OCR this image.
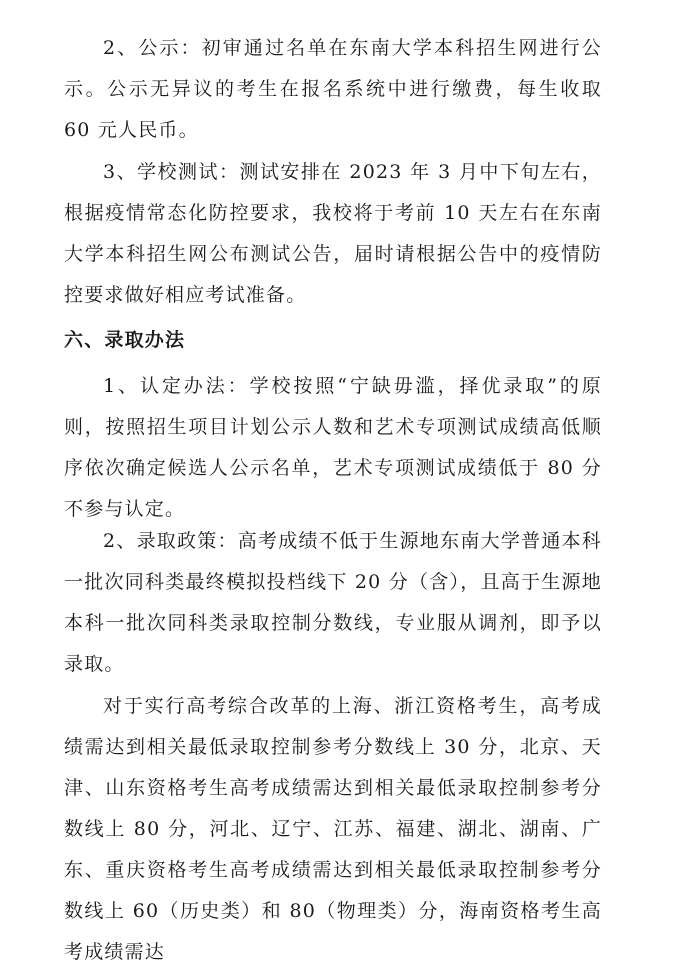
2、公示：初审通过名单在东南大学本科招生网进行公示。公示无异议的考生在报名系统中进行缴费，每生收取 60 元人民币。

3、学校测试：测试安排在 2023 年 3 月中下旬左右，根据疫情常态化防控要求，我校将于考前 10 天左右在东南大学本科招生网公布测试公告，届时请根据公告中的疫情防控要求做好相应考试准备。

六、录取办法

1、认定办法：学校按照“宁缺毋滥，择优录取”的原则，按照招生项目计划公示人数和艺术专项测试成绩高低顺序依次确定候选人公示名单，艺术专项测试成绩低于 80 分不参与认定。

2、录取政策：高考成绩不低于生源地东南大学普通本科一批次同科类最终模拟投档线下 20 分（含），且高于生源地本科一批次同科类录取控制分数线，专业服从调剂，即予以录取。

对于实行高考综合改革的上海、浙江资格考生，高考成绩需达到相关最低录取控制参考分数线上 30 分，北京、天津、山东资格考生高考成绩需达到相关最低录取控制参考分数线上 80 分，河北、辽宁、江苏、福建、湖北、湖南、广东、重庆资格考生高考成绩需达到相关最低录取控制参考分数线上 60（历史类）和 80（物理类）分，海南资格考生高考成绩需达
